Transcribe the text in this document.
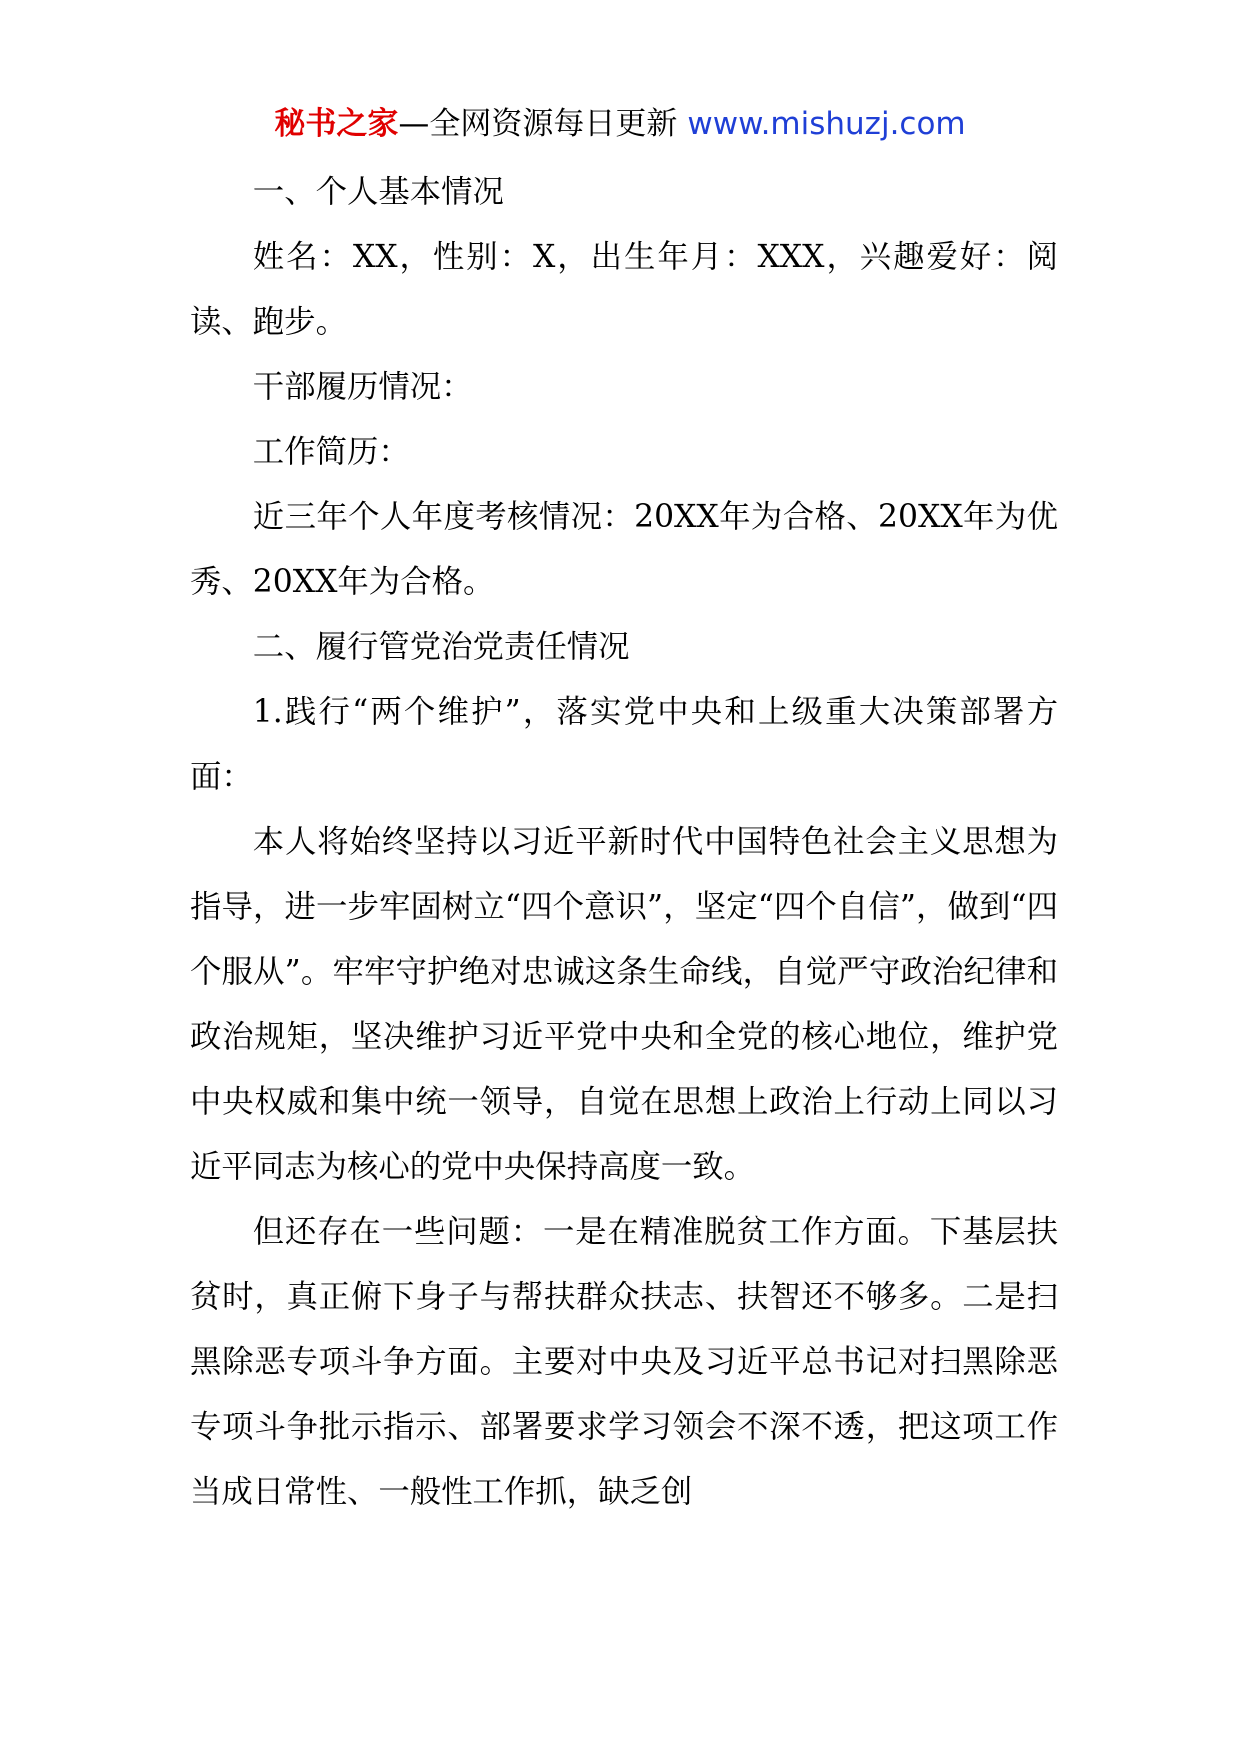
秘书之家—全网资源每日更新 www.mishuzj.com

一、个人基本情况

姓名：XX，性别：X，出生年月：XXX，兴趣爱好：阅读、跑步。

干部履历情况：

工作简历：

近三年个人年度考核情况：20XX年为合格、20XX年为优秀、20XX年为合格。

二、履行管党治党责任情况

1.践行“两个维护”，落实党中央和上级重大决策部署方面：

本人将始终坚持以习近平新时代中国特色社会主义思想为指导，进一步牢固树立“四个意识”，坚定“四个自信”，做到“四个服从”。牢牢守护绝对忠诚这条生命线，自觉严守政治纪律和政治规矩，坚决维护习近平党中央和全党的核心地位，维护党中央权威和集中统一领导，自觉在思想上政治上行动上同以习近平同志为核心的党中央保持高度一致。

但还存在一些问题：一是在精准脱贫工作方面。下基层扶贫时，真正俯下身子与帮扶群众扶志、扶智还不够多。二是扫黑除恶专项斗争方面。主要对中央及习近平总书记对扫黑除恶专项斗争批示指示、部署要求学习领会不深不透，把这项工作当成日常性、一般性工作抓，缺乏创
